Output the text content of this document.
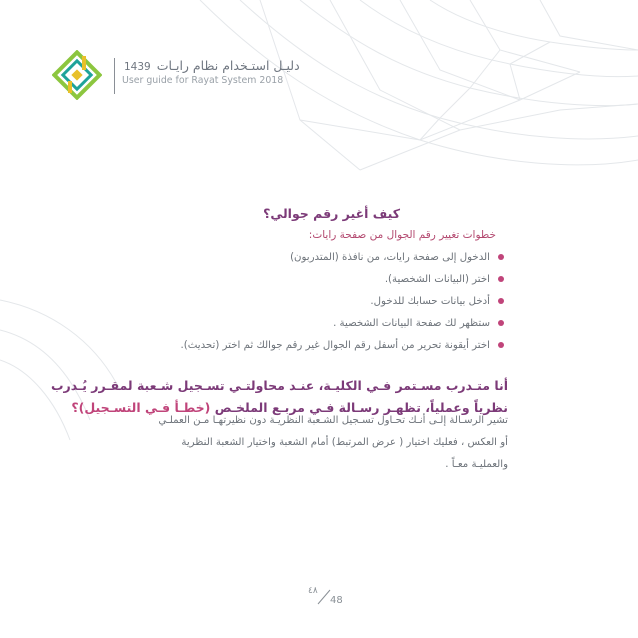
1439 دليـل استـخدام نظام رايـات
User guide for Rayat System 2018
كيف أغير رقم جوالي؟
خطوات تغيير رقم الجوال من صفحة رايات:
الدخول إلى صفحة رايات، من نافذة (المتدربون)
اختر (البيانات الشخصية).
أدخل بيانات حسابك للدخول.
ستظهر لك صفحة البيانات الشخصية .
اختر أيقونة تحرير من أسفل رقم الجوال غير رقم جوالك ثم اختر (تحديث).
أنا متـدرب مسـتمر فـي الكليـة، عنـد محاولتـي تسـجيل شـعبة لمقـرر يُـدرب
نظرياً وعملياً، تظهـر رسـالة فـي مربـع الملخـص (خطـأ فـي التسـجيل)؟
تشير الرسـالة إلـى أنـك تحـاول تسـجيل الشـعبة النظريـة دون نظيرتهـا مـن العملـي
أو العكس ، فعليك اختيار ( عرض المرتبط) أمام الشعبة واختيار الشعبة النظرية
والعمليـة معـاً .
٤٨
48
